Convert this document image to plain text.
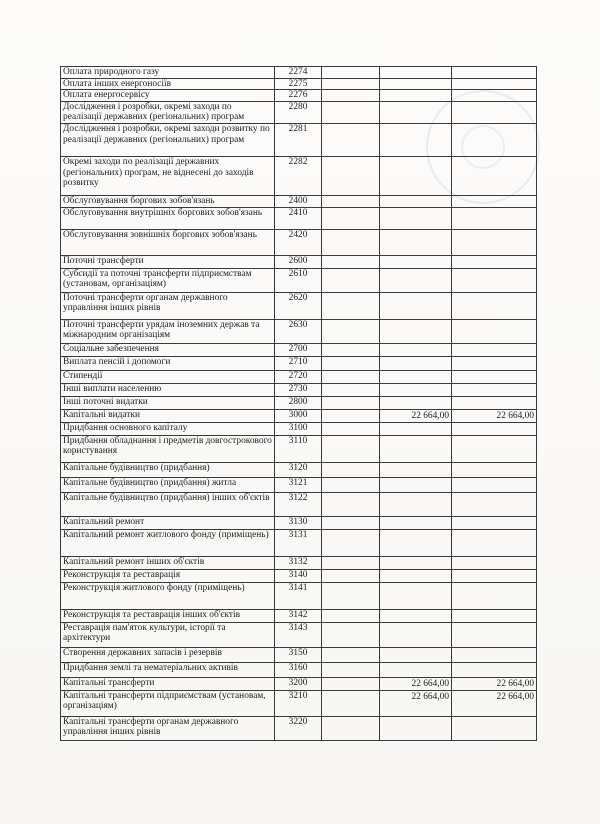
Оплата природного газу	2274				
Оплата інших енергоносіїв	2275				
Оплата енергосервісу	2276				
Дослідження і розробки, окремі заходи по реалізації державних (регіональних) програм	2280				
Дослідження і розробки, окремі заходи розвитку по реалізації державних (регіональних) програм	2281				
Окремі заходи по реалізації державних (регіональних) програм, не віднесені до заходів розвитку	2282				
Обслуговування боргових зобов'язань	2400				
Обслуговування внутрішніх боргових зобов'язань	2410				
Обслуговування зовнішніх боргових зобов'язань	2420				
Поточні трансферти	2600				
Субсидії та поточні трансферти підприємствам (установам, організаціям)	2610				
Поточні трансферти органам державного управління інших рівнів	2620				
Поточні трансферти урядам іноземних держав та міжнародним організаціям	2630				
Соціальне забезпечення	2700				
Виплата пенсій і допомоги	2710				
Стипендії	2720				
Інші виплати населенню	2730				
Інші поточні видатки	2800				
Капітальні видатки	3000		22 664,00	22 664,00	
Придбання основного капіталу	3100				
Придбання обладнання і предметів довгострокового користування	3110				
Капітальне будівництво (придбання)	3120				
Капітальне будівництво (придбання) житла	3121				
Капітальне будівництво (придбання) інших об'єктів	3122				
Капітальний ремонт	3130				
Капітальний ремонт житлового фонду (приміщень)	3131				
Капітальний ремонт інших об'єктів	3132				
Реконструкція та реставрація	3140				
Реконструкція житлового фонду (приміщень)	3141				
Реконструкція та реставрація інших об'єктів	3142				
Реставрація пам'яток культури, історії та архітектури	3143				
Створення державних запасів і резервів	3150				
Придбання землі та нематеріальних активів	3160				
Капітальні трансферти	3200		22 664,00	22 664,00	
Капітальні трансферти підприємствам (установам, організаціям)	3210		22 664,00	22 664,00	
Капітальні трансферти органам державного управління інших рівнів	3220				
